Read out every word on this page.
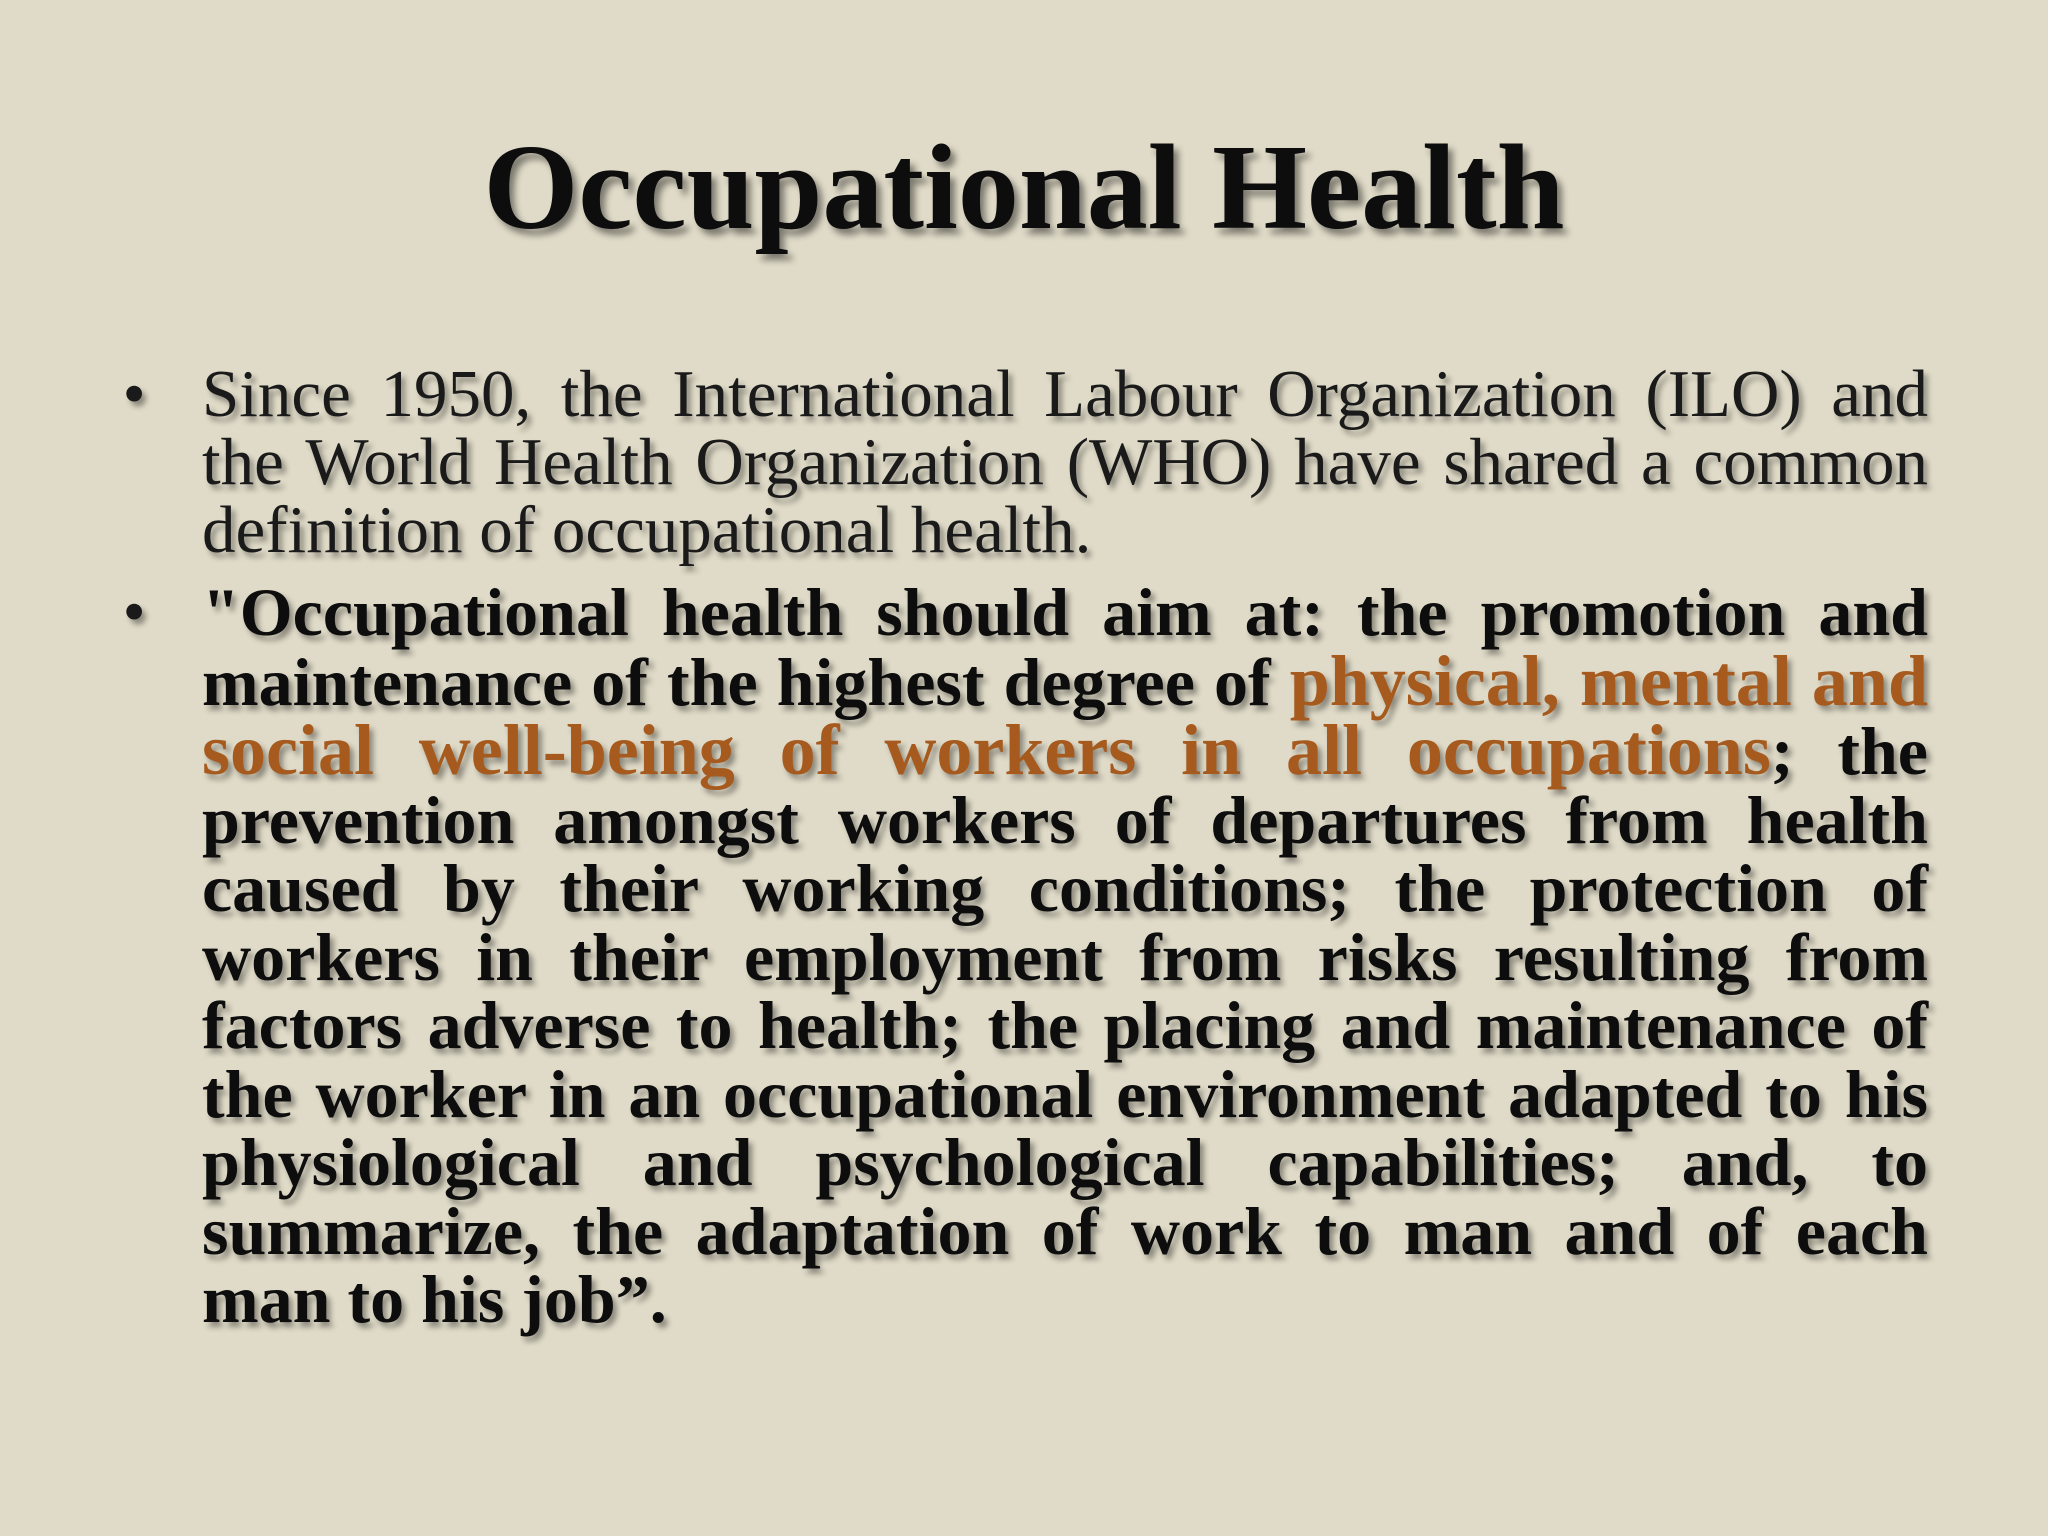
Occupational Health
• Since 1950, the International Labour Organization (ILO) and the World Health Organization (WHO) have shared a common definition of occupational health.
• "Occupational health should aim at: the promotion and maintenance of the highest degree of physical, mental and social well-being of workers in all occupations; the prevention amongst workers of departures from health caused by their working conditions; the protection of workers in their employment from risks resulting from factors adverse to health; the placing and maintenance of the worker in an occupational environment adapted to his physiological and psychological capabilities; and, to summarize, the adaptation of work to man and of each man to his job”.
